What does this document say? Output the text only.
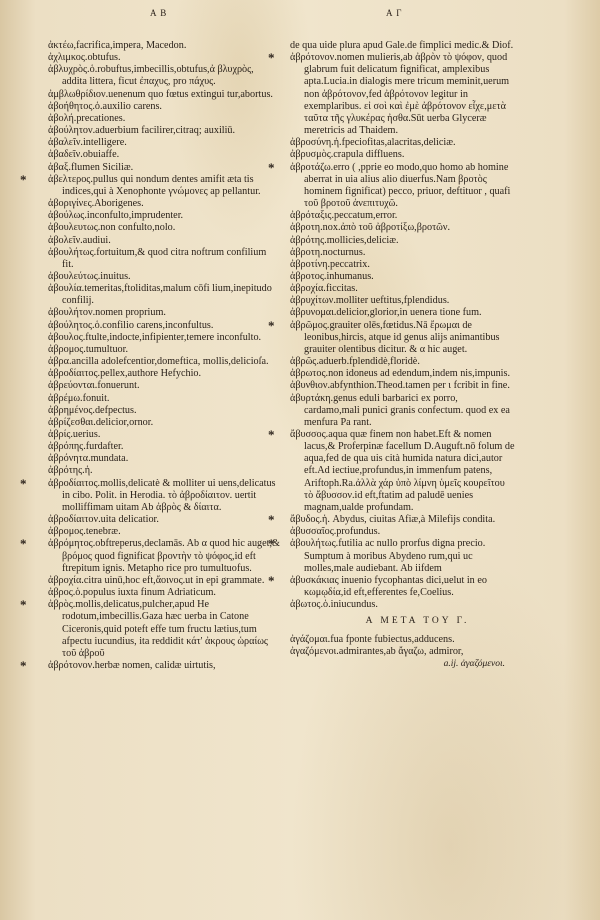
A B	A Γ

ἀκτέω,facrifica,impera, Macedon.

ἀχλιμκος.obtufus.

ἀβλυχρὸς.ὁ.robuftus,imbecillis,obtufus,ἀ βλυχρὸς, addita littera, ficut ἐπαχυς, pro πάχυς.

ἀμβλωθρίδιον.uenenum quo fœtus extingui tur,abortus.

ἀβοήθητος.ὁ.auxilio carens.

ἀβολή.precationes.

ἀβούλητον.aduerbium facilirer,citraq; auxiliū.

ἀβαλεῖν.intelligere.

ἀβαδεῖν.obuiaffe.

ἀβαξ.flumen Siciliæ.

* ἀβελτερος.pullus qui nondum dentes amifit æta tis indices,qui à Xenophonte γνώμονες ap pellantur.

ἀβοριγίνες.Aborigenes.

ἀβούλως.inconfulto,imprudenter.

ἀβουλευτως.non confulto,nolo.

ἀβολεῖν.audiui.

ἀβουλήτως.fortuitum,& quod citra noftrum confilium fit.

ἀβουλεύτως.inuitus.

ἀβουλία.temeritas,ftoliditas,malum cōfi lium,inepitudo confilij.

ἀβουλήτον.nomen proprium.

ἀβούλητος.ὁ.confilio carens,inconfultus.

ἀβουλος.ftulte,indocte,infipienter,temere inconfulto.

ἀβρομος.tumultuor.

ἀβρα.ancilla adolefcentior,domeftica, mollis,delicioſa.

ἀβροδίαιτος.pellex,authore Hefychio.

ἀβρεύονται.fonuerunt.

ἀβρέμω.fonuit.

ἀβρημένος.defpectus.

ἀβρίζεσθαι.delicior,ornor.

ἀβρίς.uerius.

ἀβρόπης.furdafter.

ἀβρόνητα.mundata.

ἀβρότης.ἡ.

* ἀβροδίαιτος.mollis,delicatè & molliter ui uens,delicatus in cibo. Polit. in Herodia. τὸ ἀβροδίαιτον. uertit molliffimam uitam Ab ἀβρὸς & δίαιτα.

ἀβροδίαιτον.uita delicatior.

ἀβρομος.tenebræ.

* ἀβρόμητος.obftreperus,declamās. Ab α quod hic auget,& βρόμος quod fignificat βροντὴν τὸ ψόφος,id eft ftrepitum ignis. Metapho rice pro tumultuofus.

ἀβροχία.citra uinū,hoc eft,ἄοινος.ut in epi grammate.

ἀβρος.ὁ.populus iuxta finum Adriaticum.

* ἀβρὸς.mollis,delicatus,pulcher,apud He rodotum,imbecillis.Gaza hæc uerba in Catone Ciceronis,quid poteft effe tum fructu lætius,tum afpectu iucundius, ita reddidit κάτ' ἀκρους ὡραίως τοῦ ἀβροῦ

* ἀβρότονον.herbæ nomen, calidæ uirtutis,

de qua uide plura apud Gale.de fimplici medic.& Diof.

* ἀβρότονον.nomen mulieris,ab ἀβρὸν τὸ ψόφον, quod glabrum fuit delicatum fignificat, amplexibus apta.Lucia.in dialogis mere tricum meminit,uerum non ἀβρότονον,fed ἀβρότονον legitur in exemplaribus. εἰ σοὶ καὶ ἐμὲ ἀβρότονον εἶχε,μετὰ ταῦτα τῆς γλυκέρας ἠσθα.Sūt uerba Glyceræ meretricis ad Thaidem.

ἀβροσύνη.ἡ.fpeciofitas,alacritas,deliciæ.

ἀβρυσμὸς.crapula diffluens.

* ἀβροτάζω.erro ( ,pprie eo modo,quo homo ab homine aberrat in uia alius alio diuerfus.Nam βροτὸς hominem fignificat) pecco, priuor, deftituor , quafi τοῦ βροτοῦ ἀνεπιτυχῶ.

ἀβρόταξις.peccatum,error.

ἀβροτη.nox.ἀπὸ τοῦ ἀβροτίξω,βροτῶν.

ἀβρότης.mollicies,deliciæ.

ἀβροτη.nocturnus.

ἀβροτίνη.peccatrix.

ἀβροτος.inhumanus.

ἀβροχία.ficcitas.

ἀβρυχίτων.molliter ueftitus,fplendidus.

ἀβρυνομαι.delicior,glorior,in uenera tione fum.

* ἀβρῶμος.grauiter olēs,fœtidus.Nā ἔρωμαι de leonibus,hircis, atque id genus alijs animantibus grauiter olentibus dicitur. & α hic auget.

ἀβρῶς.aduerb.fplendidè,floridè.

ἀβρωτος.non idoneus ad edendum,indem nis,impunis.

ἀβυνθιον.abfynthion.Theod.tamen per ι fcribit in fine.

ἀβυρτάκη.genus eduli barbarici ex porro, cardamo,mali punici granis confectum. quod ex ea menfura Pa rant.

* ἄβυσσος.aqua quæ finem non habet.Eft & nomen lacus,& Proferpinæ facellum D.Auguft.nō folum de aqua,fed de qua uis cità humida natura dici,autor eft.Ad iectiue,profundus,in immenfum patens, Ariftoph.Ra.ἀλλὰ χάρ ὑπὸ λίμνη ὑμεῖς κουρεῖτου τὸ ἄβυσσον.id eft,ftatim ad paludē uenies magnam,ualde profundam.

* ἄβυδος.ἡ. Abydus, ciuitas Afiæ,à Milefijs condita.

ἀβυσσαῖος.profundus.

* ἀβουλήτως.futilia ac nullo prorfus digna precio. Sumptum à moribus Abydeno rum,qui uc molles,male audiebant. Ab iifdem

* ἀβυσκάκιας inuenio fycophantas dici,uelut in eo κωμῳδία,id eft,efferentes fe,Coelius.

ἀβωτος.ὁ.iniucundus.

A META TOY Γ.

ἀγάζομαι.fua fponte fubiectus,adducens.

ἀγαζόμενοι.admirantes,ab ἄγαζω, admiror,

a.ij. ἀγαζόμενοι.
